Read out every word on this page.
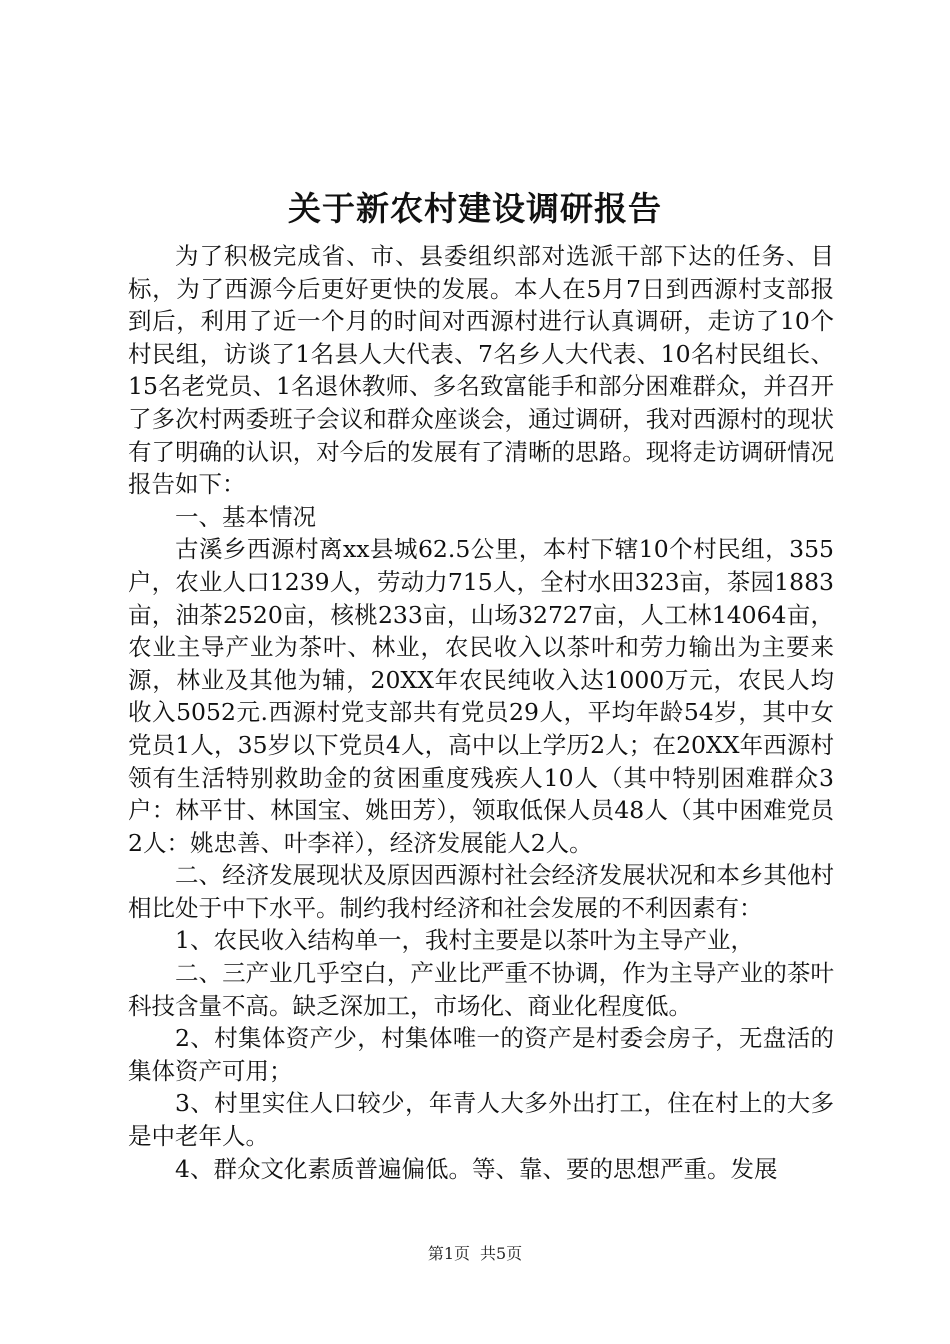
关于新农村建设调研报告

为了积极完成省、市、县委组织部对选派干部下达的任务、目标，为了西源今后更好更快的发展。本人在5月7日到西源村支部报到后，利用了近一个月的时间对西源村进行认真调研，走访了10个村民组，访谈了1名县人大代表、7名乡人大代表、10名村民组长、15名老党员、1名退休教师、多名致富能手和部分困难群众，并召开了多次村两委班子会议和群众座谈会，通过调研，我对西源村的现状有了明确的认识，对今后的发展有了清晰的思路。现将走访调研情况报告如下：

一、基本情况

古溪乡西源村离xx县城62.5公里，本村下辖10个村民组，355户，农业人口1239人，劳动力715人，全村水田323亩，茶园1883亩，油茶2520亩，核桃233亩，山场32727亩，人工林14064亩，农业主导产业为茶叶、林业，农民收入以茶叶和劳力输出为主要来源，林业及其他为辅，20XX年农民纯收入达1000万元，农民人均收入5052元.西源村党支部共有党员29人，平均年龄54岁，其中女党员1人，35岁以下党员4人，高中以上学历2人；在20XX年西源村领有生活特别救助金的贫困重度残疾人10人（其中特别困难群众3户：林平甘、林国宝、姚田芳），领取低保人员48人（其中困难党员2人：姚忠善、叶李祥），经济发展能人2人。

二、经济发展现状及原因西源村社会经济发展状况和本乡其他村相比处于中下水平。制约我村经济和社会发展的不利因素有：

1、农民收入结构单一，我村主要是以茶叶为主导产业，

二、三产业几乎空白，产业比严重不协调，作为主导产业的茶叶科技含量不高。缺乏深加工，市场化、商业化程度低。

2、村集体资产少，村集体唯一的资产是村委会房子，无盘活的集体资产可用；

3、村里实住人口较少，年青人大多外出打工，住在村上的大多是中老年人。

4、群众文化素质普遍偏低。等、靠、要的思想严重。发展

第1页 共5页
